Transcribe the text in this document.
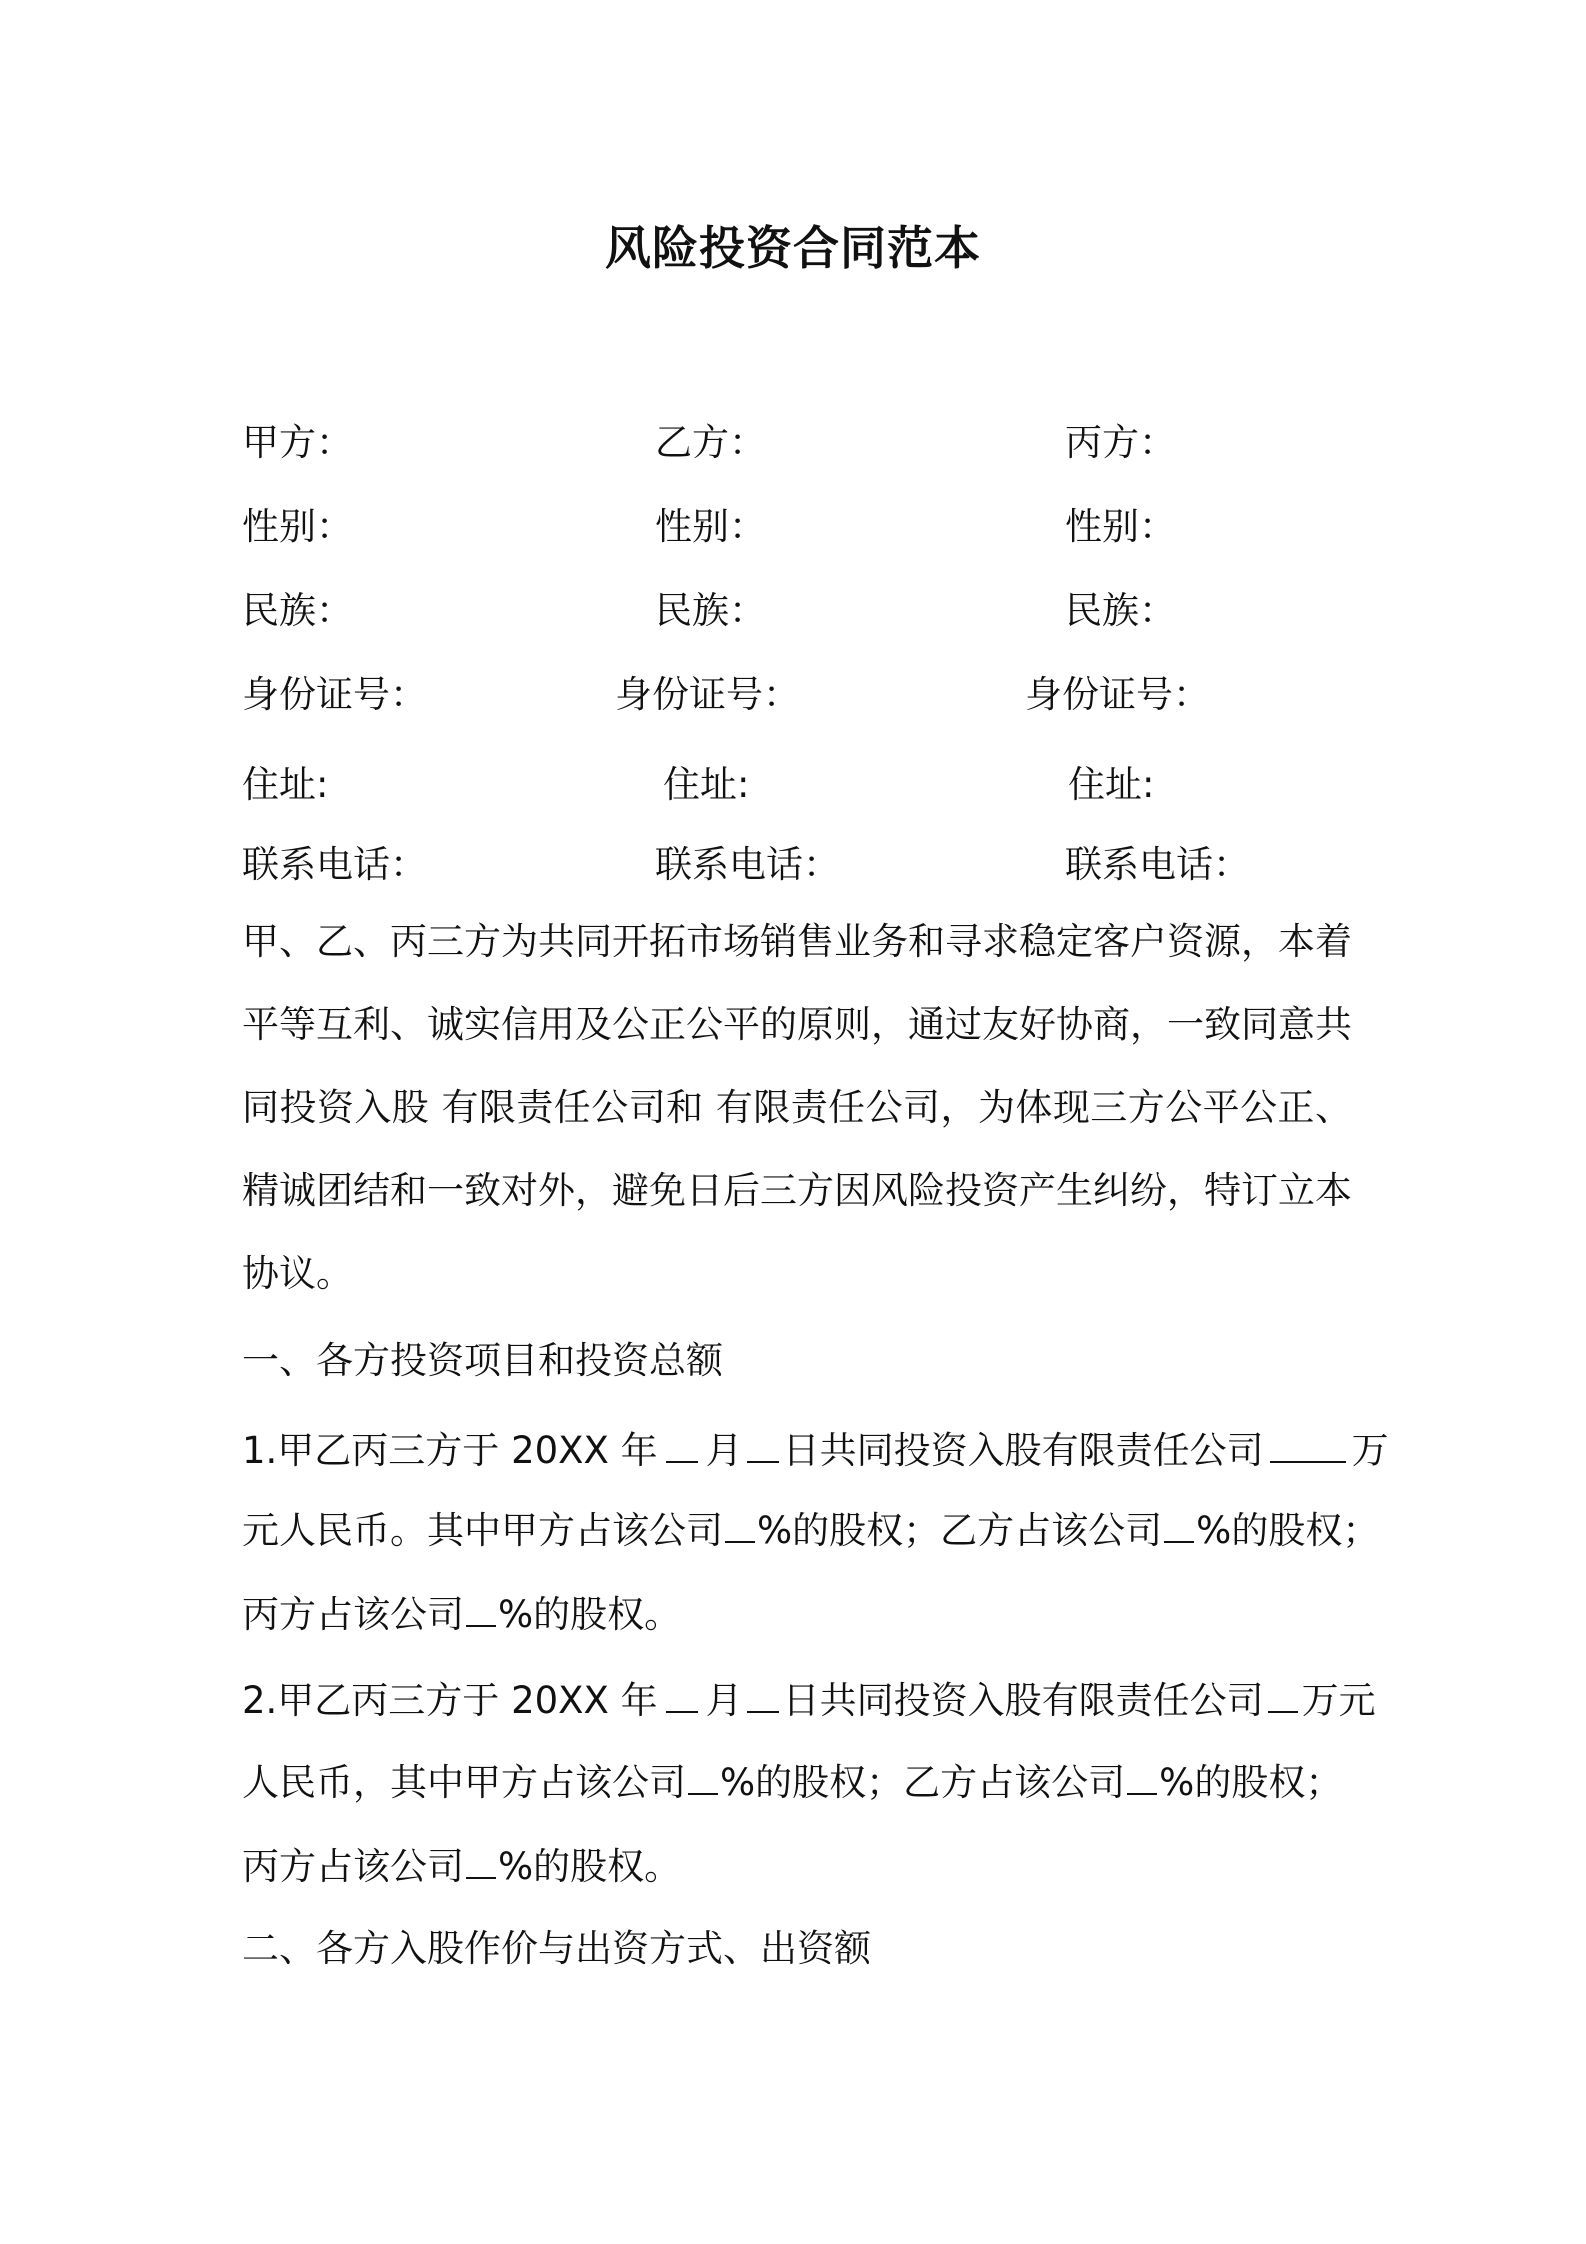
风险投资合同范本
甲方：	乙方：	丙方：
性别：	性别：	性别：
民族：	民族：	民族：
身份证号：	身份证号：	身份证号：
住址:	住址:	住址:
联系电话：	联系电话：	联系电话：
甲、乙、丙三方为共同开拓市场销售业务和寻求稳定客户资源，本着平等互利、诚实信用及公正公平的原则，通过友好协商，一致同意共同投资入股 有限责任公司和 有限责任公司，为体现三方公平公正、精诚团结和一致对外，避免日后三方因风险投资产生纠纷，特订立本协议。
一、各方投资项目和投资总额
1.甲乙丙三方于 20XX 年 月 日共同投资入股有限责任公司 万
元人民币。其中甲方占该公司 %的股权；乙方占该公司 %的股权；
丙方占该公司 %的股权。
2.甲乙丙三方于 20XX 年 月 日共同投资入股有限责任公司 万元
人民币，其中甲方占该公司 %的股权；乙方占该公司 %的股权；
丙方占该公司 %的股权。
二、各方入股作价与出资方式、出资额
